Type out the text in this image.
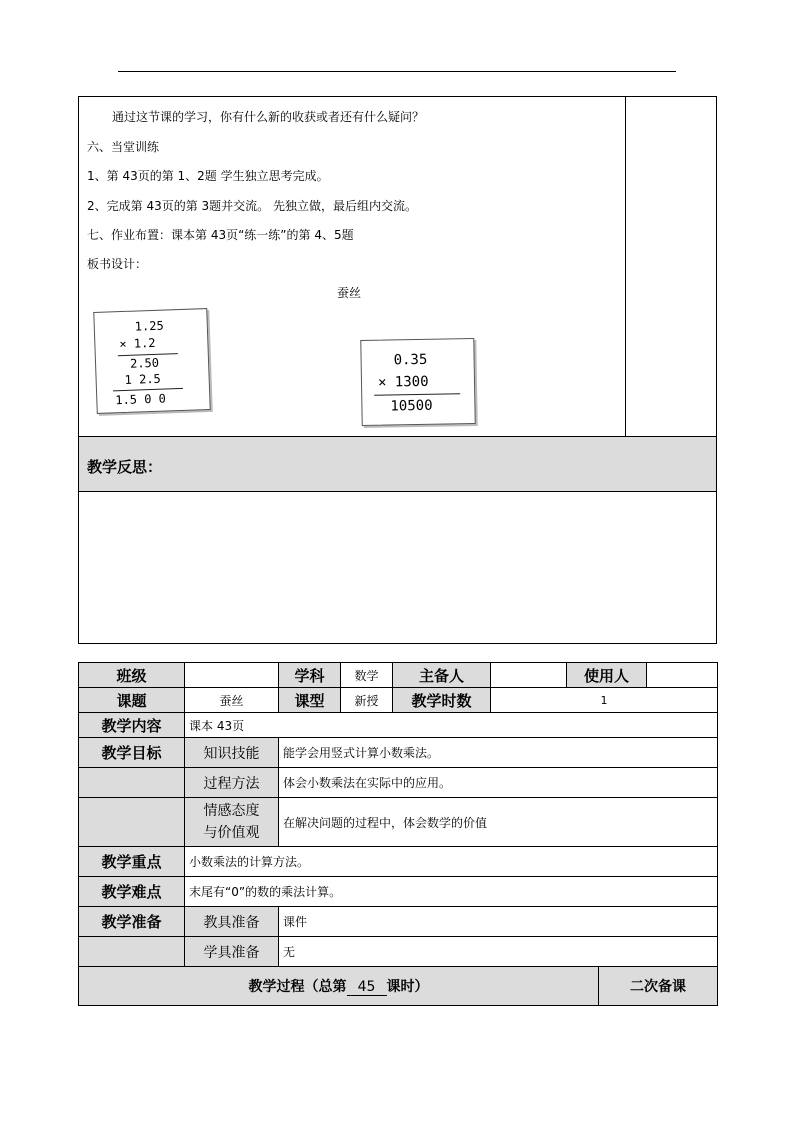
通过这节课的学习，你有什么新的收获或者还有什么疑问？
六、当堂训练
1、第 43页的第 1、2题 学生独立思考完成。
2、完成第 43页的第 3题并交流。 先独立做，最后组内交流。
七、作业布置：课本第 43页“练一练”的第 4、5题
板书设计：
蚕丝
1.25
× 1.2
2.50
1 2.5
1.5 0 0
0.35
× 1300
10500
教学反思：
班级		学科	数学	主备人		使用人		
课题	蚕丝	课型	新授	教学时数	1			
教学内容	课本 43页							
教学目标	知识技能	能学会用竖式计算小数乘法。						
	过程方法	体会小数乘法在实际中的应用。						
	情感态度
与价值观	在解决问题的过程中，体会数学的价值						
教学重点	小数乘法的计算方法。							
教学难点	末尾有“0”的数的乘法计算。							
教学准备	教具准备	课件						
	学具准备	无						
教学过程（总第 45 课时）							二次备课	
